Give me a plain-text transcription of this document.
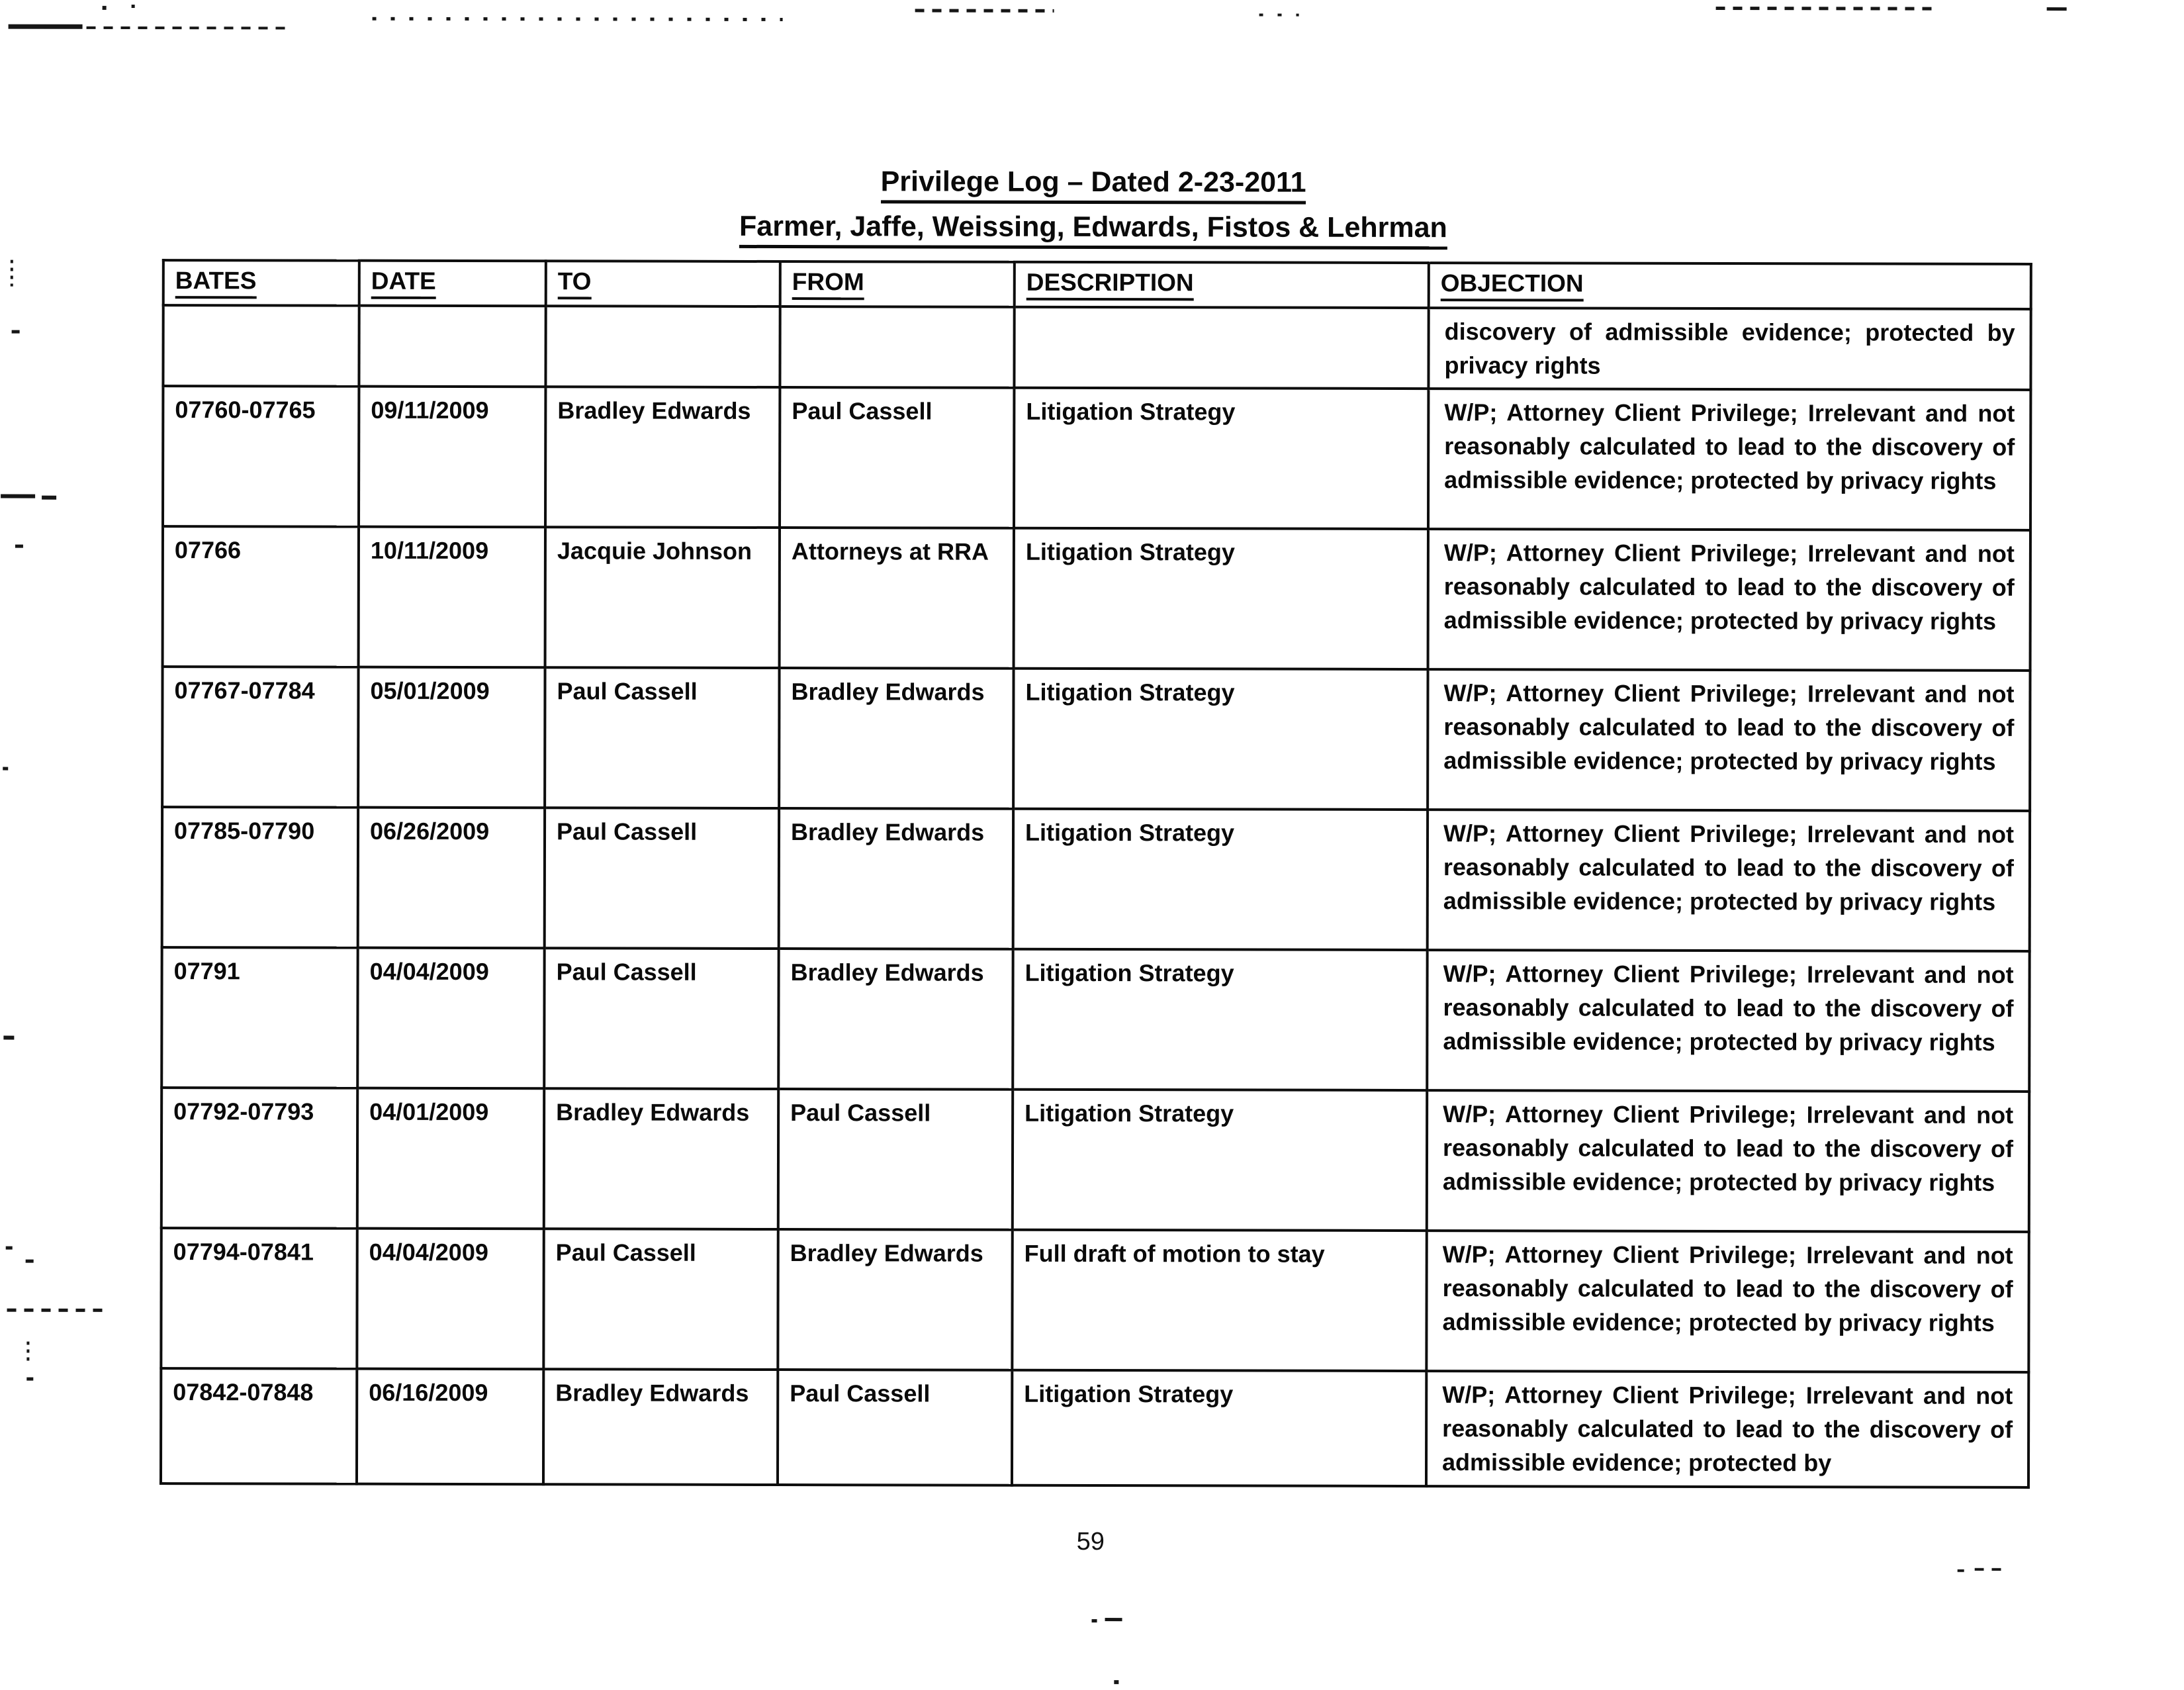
Privilege Log – Dated 2-23-2011
Farmer, Jaffe, Weissing, Edwards, Fistos & Lehrman
BATES	DATE	TO	FROM	DESCRIPTION	OBJECTION
					discovery of admissible evidence; protected by privacy rights
07760-07765	09/11/2009	Bradley Edwards	Paul Cassell	Litigation Strategy	W/P; Attorney Client Privilege; Irrelevant and not reasonably calculated to lead to the discovery of admissible evidence; protected by privacy rights
07766	10/11/2009	Jacquie Johnson	Attorneys at RRA	Litigation Strategy	W/P; Attorney Client Privilege; Irrelevant and not reasonably calculated to lead to the discovery of admissible evidence; protected by privacy rights
07767-07784	05/01/2009	Paul Cassell	Bradley Edwards	Litigation Strategy	W/P; Attorney Client Privilege; Irrelevant and not reasonably calculated to lead to the discovery of admissible evidence; protected by privacy rights
07785-07790	06/26/2009	Paul Cassell	Bradley Edwards	Litigation Strategy	W/P; Attorney Client Privilege; Irrelevant and not reasonably calculated to lead to the discovery of admissible evidence; protected by privacy rights
07791	04/04/2009	Paul Cassell	Bradley Edwards	Litigation Strategy	W/P; Attorney Client Privilege; Irrelevant and not reasonably calculated to lead to the discovery of admissible evidence; protected by privacy rights
07792-07793	04/01/2009	Bradley Edwards	Paul Cassell	Litigation Strategy	W/P; Attorney Client Privilege; Irrelevant and not reasonably calculated to lead to the discovery of admissible evidence; protected by privacy rights
07794-07841	04/04/2009	Paul Cassell	Bradley Edwards	Full draft of motion to stay	W/P; Attorney Client Privilege; Irrelevant and not reasonably calculated to lead to the discovery of admissible evidence; protected by privacy rights
07842-07848	06/16/2009	Bradley Edwards	Paul Cassell	Litigation Strategy	W/P; Attorney Client Privilege; Irrelevant and not reasonably calculated to lead to the discovery of admissible evidence; protected by
59
